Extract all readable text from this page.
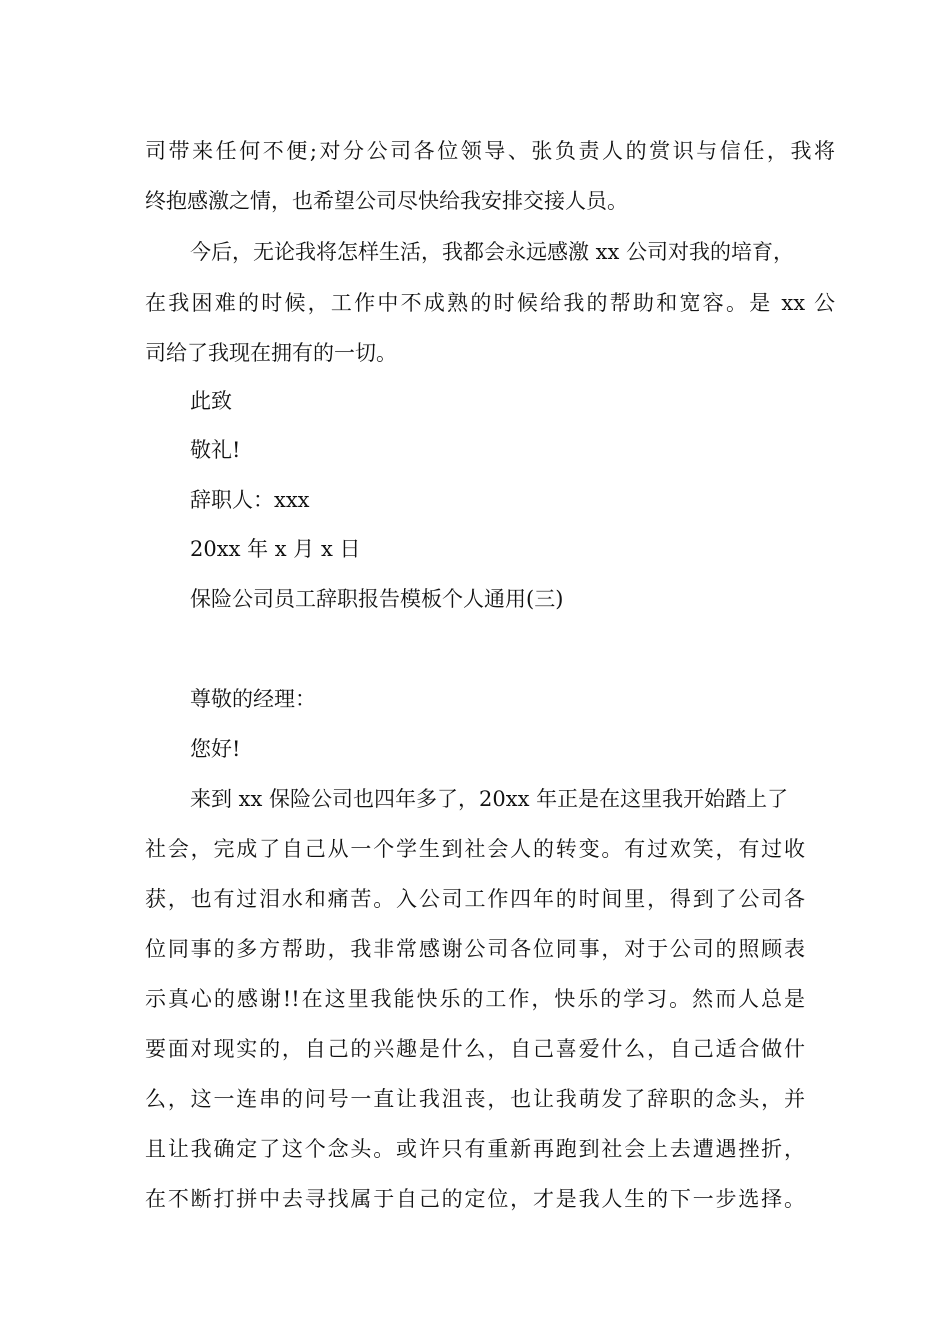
司带来任何不便;对分公司各位领导、张负责人的赏识与信任，我将
终抱感激之情，也希望公司尽快给我安排交接人员。
今后，无论我将怎样生活，我都会永远感激 xx 公司对我的培育，
在我困难的时候，工作中不成熟的时候给我的帮助和宽容。是 xx 公
司给了我现在拥有的一切。
此致
敬礼!
辞职人：xxx
20xx 年 x 月 x 日
保险公司员工辞职报告模板个人通用(三)
尊敬的经理：
您好!
来到 xx 保险公司也四年多了，20xx 年正是在这里我开始踏上了
社会，完成了自己从一个学生到社会人的转变。有过欢笑，有过收
获，也有过泪水和痛苦。入公司工作四年的时间里，得到了公司各
位同事的多方帮助，我非常感谢公司各位同事，对于公司的照顾表
示真心的感谢!!在这里我能快乐的工作，快乐的学习。然而人总是
要面对现实的，自己的兴趣是什么，自己喜爱什么，自己适合做什
么，这一连串的问号一直让我沮丧，也让我萌发了辞职的念头，并
且让我确定了这个念头。或许只有重新再跑到社会上去遭遇挫折，
在不断打拼中去寻找属于自己的定位，才是我人生的下一步选择。
